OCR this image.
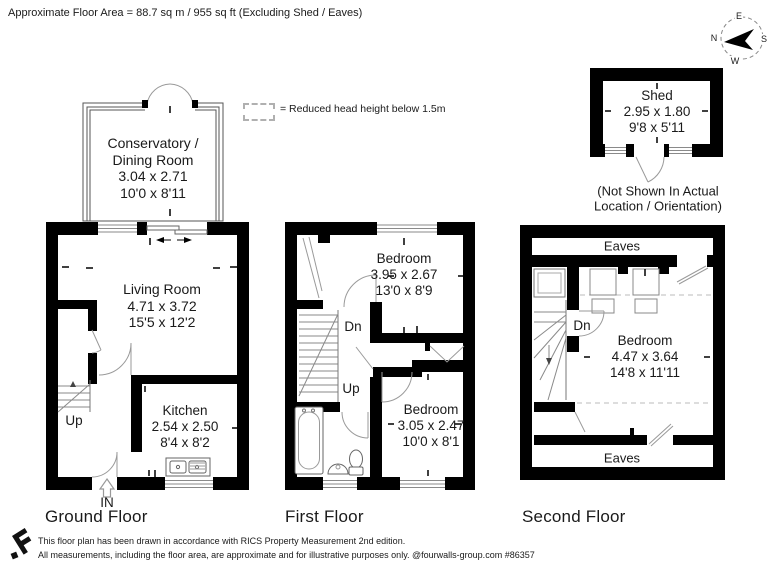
Approximate Floor Area = 88.7 sq m / 955 sq ft (Excluding Shed / Eaves)
= Reduced head height below 1.5m
E
S
W
N
Conservatory /
Dining Room
3.04 x 2.71
10'0 x 8'11
Living Room
4.71 x 3.72
15'5 x 12'2
Kitchen
2.54 x 2.50
8'4 x 8'2
Up
IN
Ground Floor
Bedroom
3.95 x 2.67
13'0 x 8'9
Bedroom
3.05 x 2.47
10'0 x 8'1
Dn
Up
First Floor
Eaves
Dn
Bedroom
4.47 x 3.64
14'8 x 11'11
Eaves
Second Floor
Shed
2.95 x 1.80
9'8 x 5'11
(Not Shown In Actual
Location / Orientation)
This floor plan has been drawn in accordance with RICS Property Measurement 2nd edition.
All measurements, including the floor area, are approximate and for illustrative purposes only. @fourwalls-group.com #86357
